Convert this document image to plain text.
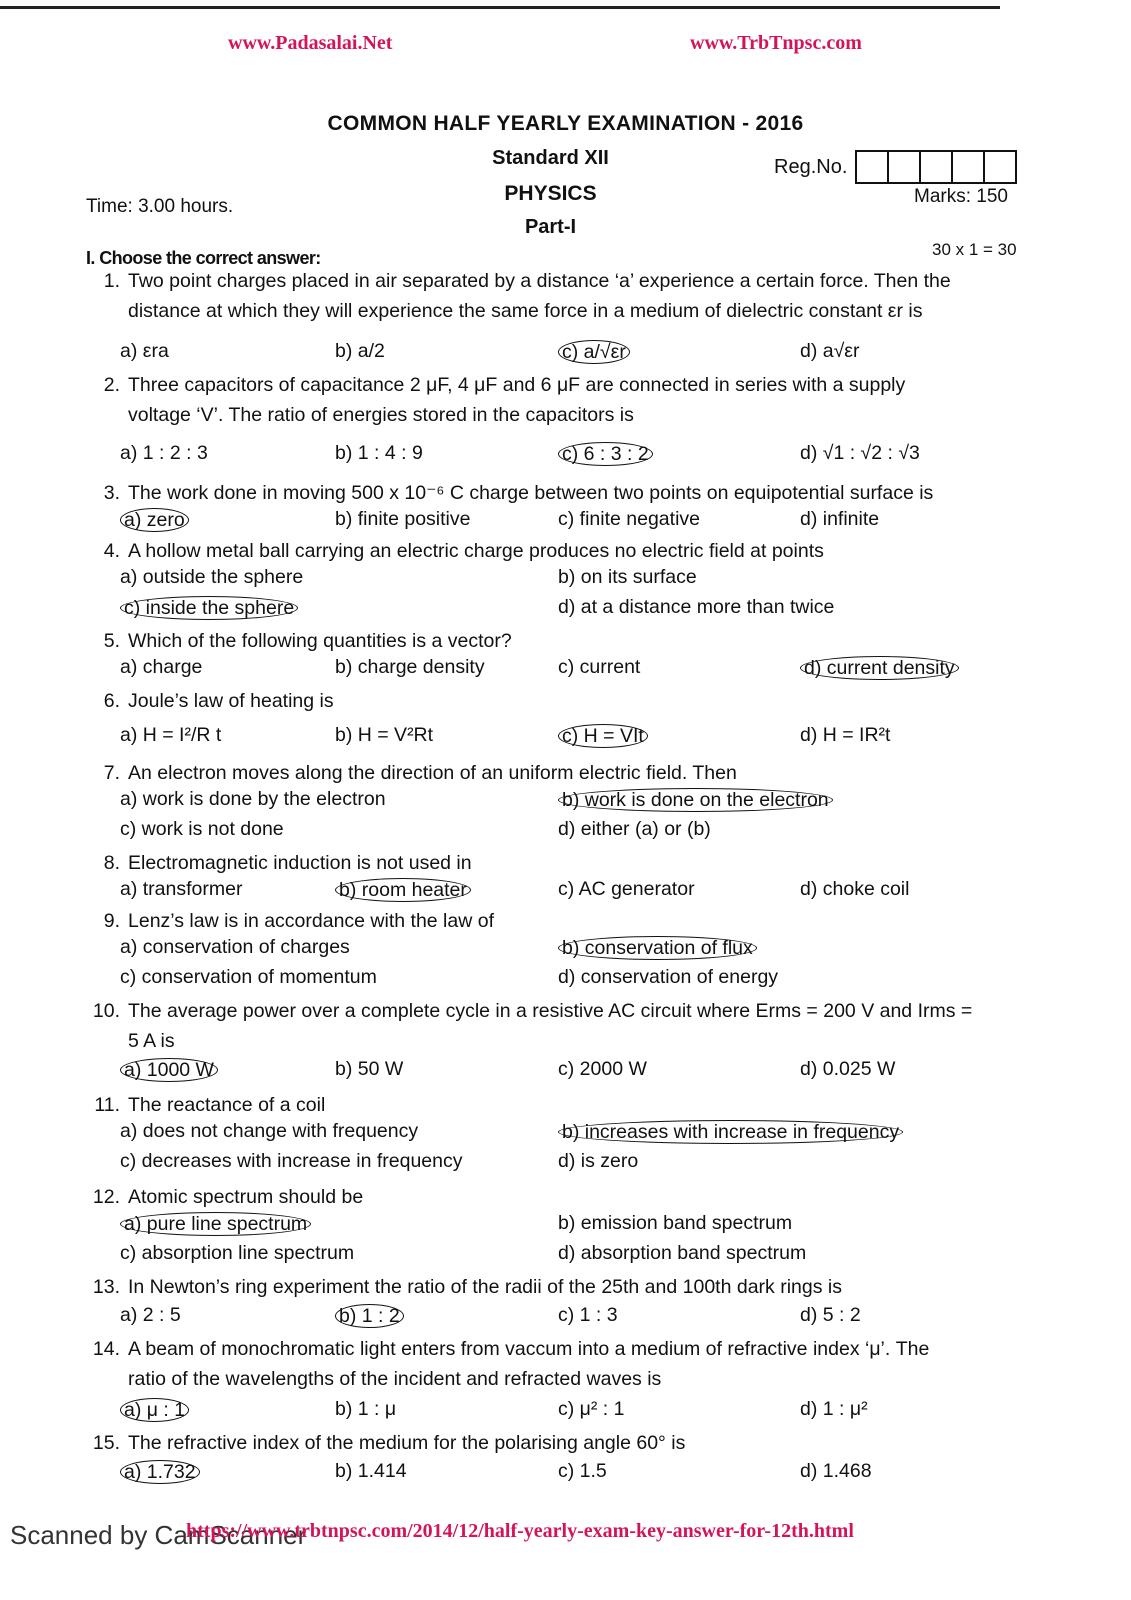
www.Padasalai.Net	www.TrbTnpsc.com
COMMON HALF YEARLY EXAMINATION - 2016
Standard XII
PHYSICS
Part-I
Reg.No.
Time: 3.00 hours.	Marks: 150
I. Choose the correct answer:	30 x 1 = 30
1. Two point charges placed in air separated by a distance ‘a’ experience a certain force. Then the
distance at which they will experience the same force in a medium of dielectric constant εr is
a) εra	b) a/2	c) a/√εr	d) a√εr
2. Three capacitors of capacitance 2 μF, 4 μF and 6 μF are connected in series with a supply
voltage ‘V’. The ratio of energies stored in the capacitors is
a) 1 : 2 : 3	b) 1 : 4 : 9	c) 6 : 3 : 2	d) √1 : √2 : √3
3. The work done in moving 500 x 10⁻⁶ C charge between two points on equipotential surface is
a) zero	b) finite positive	c) finite negative	d) infinite
4. A hollow metal ball carrying an electric charge produces no electric field at points
a) outside the sphere	b) on its surface
c) inside the sphere	d) at a distance more than twice
5. Which of the following quantities is a vector?
a) charge	b) charge density	c) current	d) current density
6. Joule’s law of heating is
a) H = I²/R t	b) H = V²Rt	c) H = VIt	d) H = IR²t
7. An electron moves along the direction of an uniform electric field. Then
a) work is done by the electron	b) work is done on the electron
c) work is not done	d) either (a) or (b)
8. Electromagnetic induction is not used in
a) transformer	b) room heater	c) AC generator	d) choke coil
9. Lenz’s law is in accordance with the law of
a) conservation of charges	b) conservation of flux
c) conservation of momentum	d) conservation of energy
10. The average power over a complete cycle in a resistive AC circuit where Erms = 200 V and Irms =
5 A is
a) 1000 W	b) 50 W	c) 2000 W	d) 0.025 W
11. The reactance of a coil
a) does not change with frequency	b) increases with increase in frequency
c) decreases with increase in frequency	d) is zero
12. Atomic spectrum should be
a) pure line spectrum	b) emission band spectrum
c) absorption line spectrum	d) absorption band spectrum
13. In Newton’s ring experiment the ratio of the radii of the 25th and 100th dark rings is
a) 2 : 5	b) 1 : 2	c) 1 : 3	d) 5 : 2
14. A beam of monochromatic light enters from vaccum into a medium of refractive index ‘μ’. The
ratio of the wavelengths of the incident and refracted waves is
a) μ : 1	b) 1 : μ	c) μ² : 1	d) 1 : μ²
15. The refractive index of the medium for the polarising angle 60° is
a) 1.732	b) 1.414	c) 1.5	d) 1.468
Scanned by CamScanner
https://www.trbtnpsc.com/2014/12/half-yearly-exam-key-answer-for-12th.html
